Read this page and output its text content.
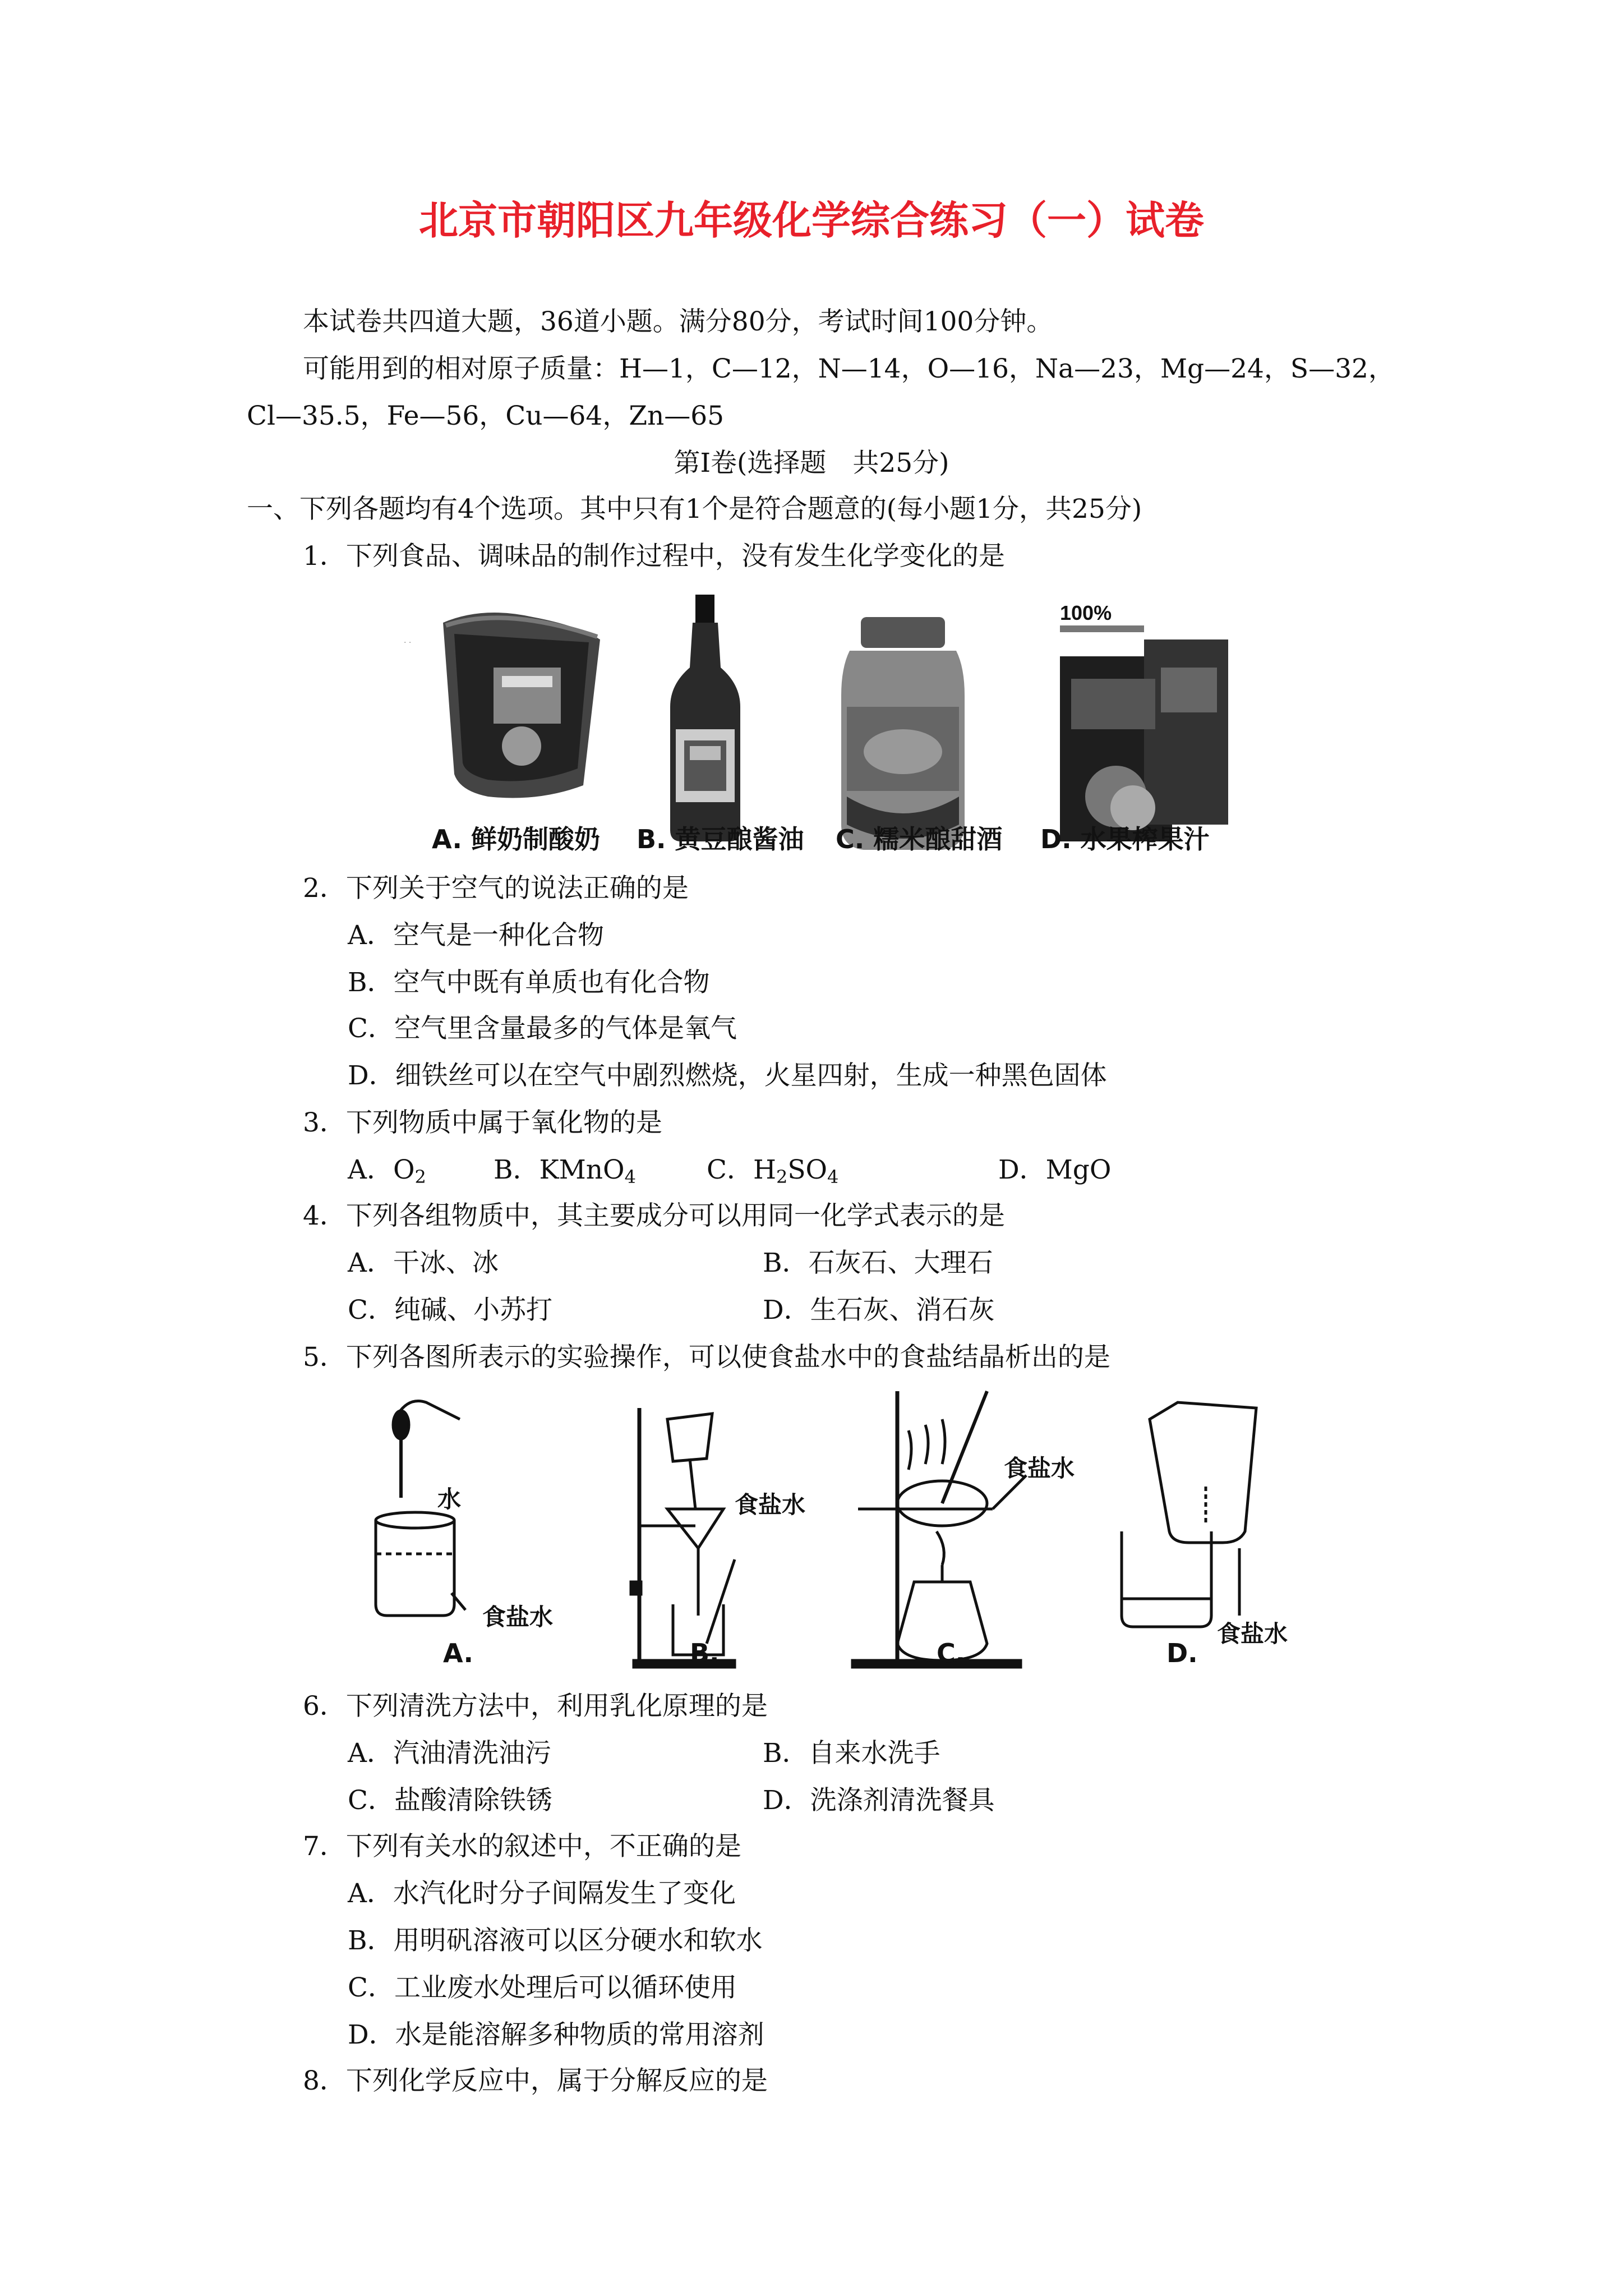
北京市朝阳区九年级化学综合练习（一）试卷

本试卷共四道大题，36道小题。满分80分，考试时间100分钟。

可能用到的相对原子质量：H—1，C—12，N—14，O—16，Na—23，Mg—24，S—32，

Cl—35.5，Fe—56，Cu—64，Zn—65

第Ⅰ卷(选择题　共25分)

一、下列各题均有4个选项。其中只有1个是符合题意的(每小题1分，共25分)

1．下列食品、调味品的制作过程中，没有发生化学变化的是

· ·
100%
A. 鲜奶制酸奶 B. 黄豆酿酱油 C. 糯米酿甜酒 D. 水果榨果汁

2．下列关于空气的说法正确的是

A．空气是一种化合物

B．空气中既有单质也有化合物

C．空气里含量最多的气体是氧气

D．细铁丝可以在空气中剧烈燃烧，火星四射，生成一种黑色固体

3．下列物质中属于氧化物的是

A．$O_2$	B．KMnO$_4$	C．$H_2SO_4$	D．MgO

4．下列各组物质中，其主要成分可以用同一化学式表示的是

A．干冰、冰	B．石灰石、大理石

C．纯碱、小苏打	D．生石灰、消石灰

5．下列各图所表示的实验操作，可以使食盐水中的食盐结晶析出的是

水
食盐水
食盐水
食盐水
食盐水
A.	B.	C.	D.

6．下列清洗方法中，利用乳化原理的是

A．汽油清洗油污	B．自来水洗手

C．盐酸清除铁锈	D．洗涤剂清洗餐具

7．下列有关水的叙述中，不正确的是

A．水汽化时分子间隔发生了变化

B．用明矾溶液可以区分硬水和软水

C．工业废水处理后可以循环使用

D．水是能溶解多种物质的常用溶剂

8．下列化学反应中，属于分解反应的是
